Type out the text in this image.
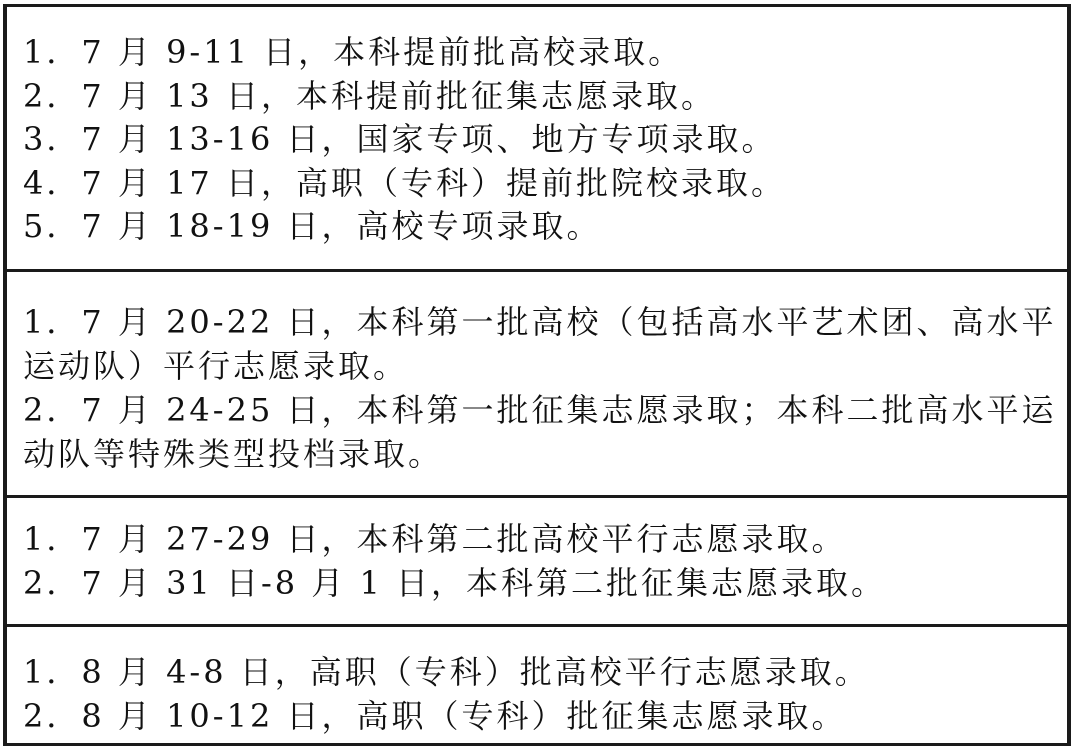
1．7 月 9-11 日，本科提前批高校录取。
2．7 月 13 日，本科提前批征集志愿录取。
3．7 月 13-16 日，国家专项、地方专项录取。
4．7 月 17 日，高职（专科）提前批院校录取。
5．7 月 18-19 日，高校专项录取。
1．7 月 20-22 日，本科第一批高校（包括高水平艺术团、高水平
运动队）平行志愿录取。
2．7 月 24-25 日，本科第一批征集志愿录取；本科二批高水平运
动队等特殊类型投档录取。
1．7 月 27-29 日，本科第二批高校平行志愿录取。
2．7 月 31 日-8 月 1 日，本科第二批征集志愿录取。
1．8 月 4-8 日，高职（专科）批高校平行志愿录取。
2．8 月 10-12 日，高职（专科）批征集志愿录取。
